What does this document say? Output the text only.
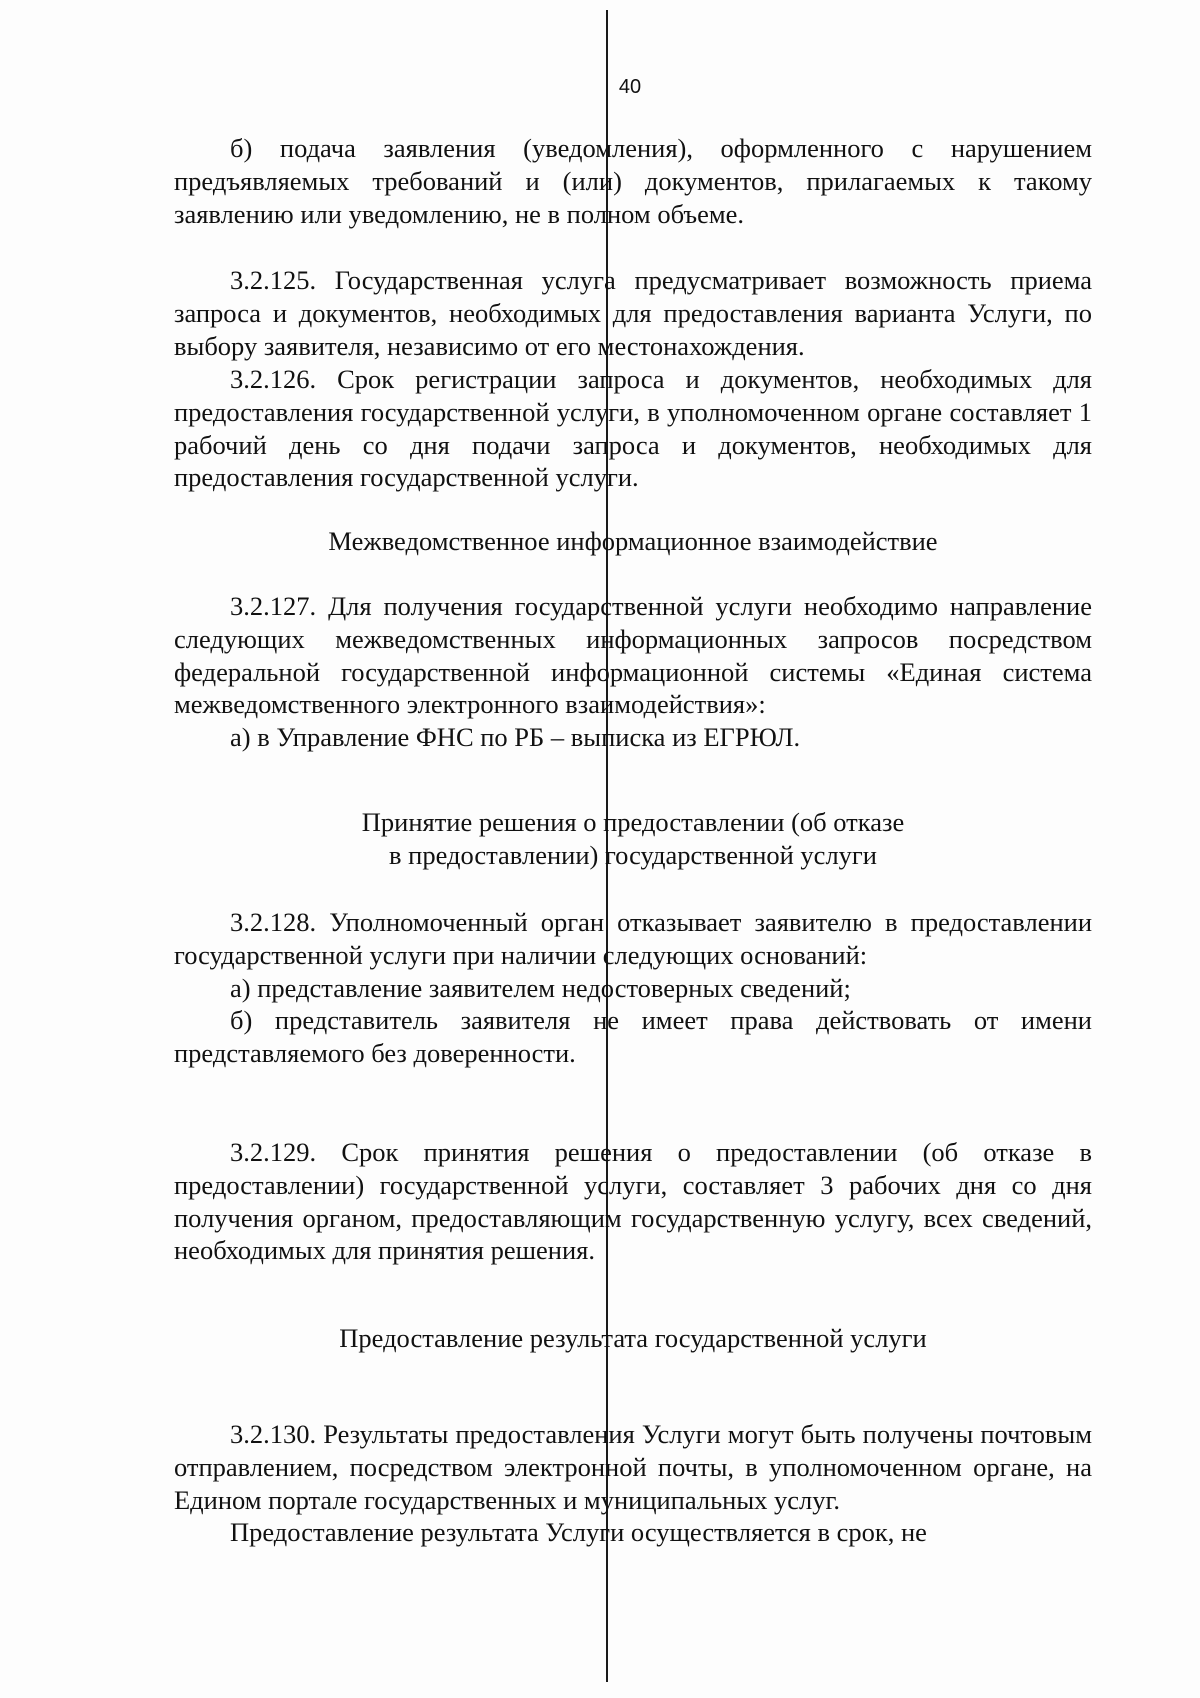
40

б) подача заявления (уведомления), оформленного с нарушением предъявляемых требований и (или) документов, прилагаемых к такому заявлению или уведомлению, не в полном объеме.

3.2.125. Государственная услуга предусматривает возможность приема запроса и документов, необходимых для предоставления варианта Услуги, по выбору заявителя, независимо от его местонахождения.

3.2.126. Срок регистрации запроса и документов, необходимых для предоставления государственной услуги, в уполномоченном органе составляет 1 рабочий день со дня подачи запроса и документов, необходимых для предоставления государственной услуги.

Межведомственное информационное взаимодействие

3.2.127. Для получения государственной услуги необходимо направление следующих межведомственных информационных запросов посредством федеральной государственной информационной системы «Единая система межведомственного электронного взаимодействия»:

а) в Управление ФНС по РБ – выписка из ЕГРЮЛ.

Принятие решения о предоставлении (об отказе
в предоставлении) государственной услуги

3.2.128. Уполномоченный орган отказывает заявителю в предоставлении государственной услуги при наличии следующих оснований:

а) представление заявителем недостоверных сведений;

б) представитель заявителя не имеет права действовать от имени представляемого без доверенности.

3.2.129. Срок принятия решения о предоставлении (об отказе в предоставлении) государственной услуги, составляет 3 рабочих дня со дня получения органом, предоставляющим государственную услугу, всех сведений, необходимых для принятия решения.

Предоставление результата государственной услуги

3.2.130. Результаты предоставления Услуги могут быть получены почтовым отправлением, посредством электронной почты, в уполномоченном органе, на Едином портале государственных и муниципальных услуг.

Предоставление результата Услуги осуществляется в срок, не
